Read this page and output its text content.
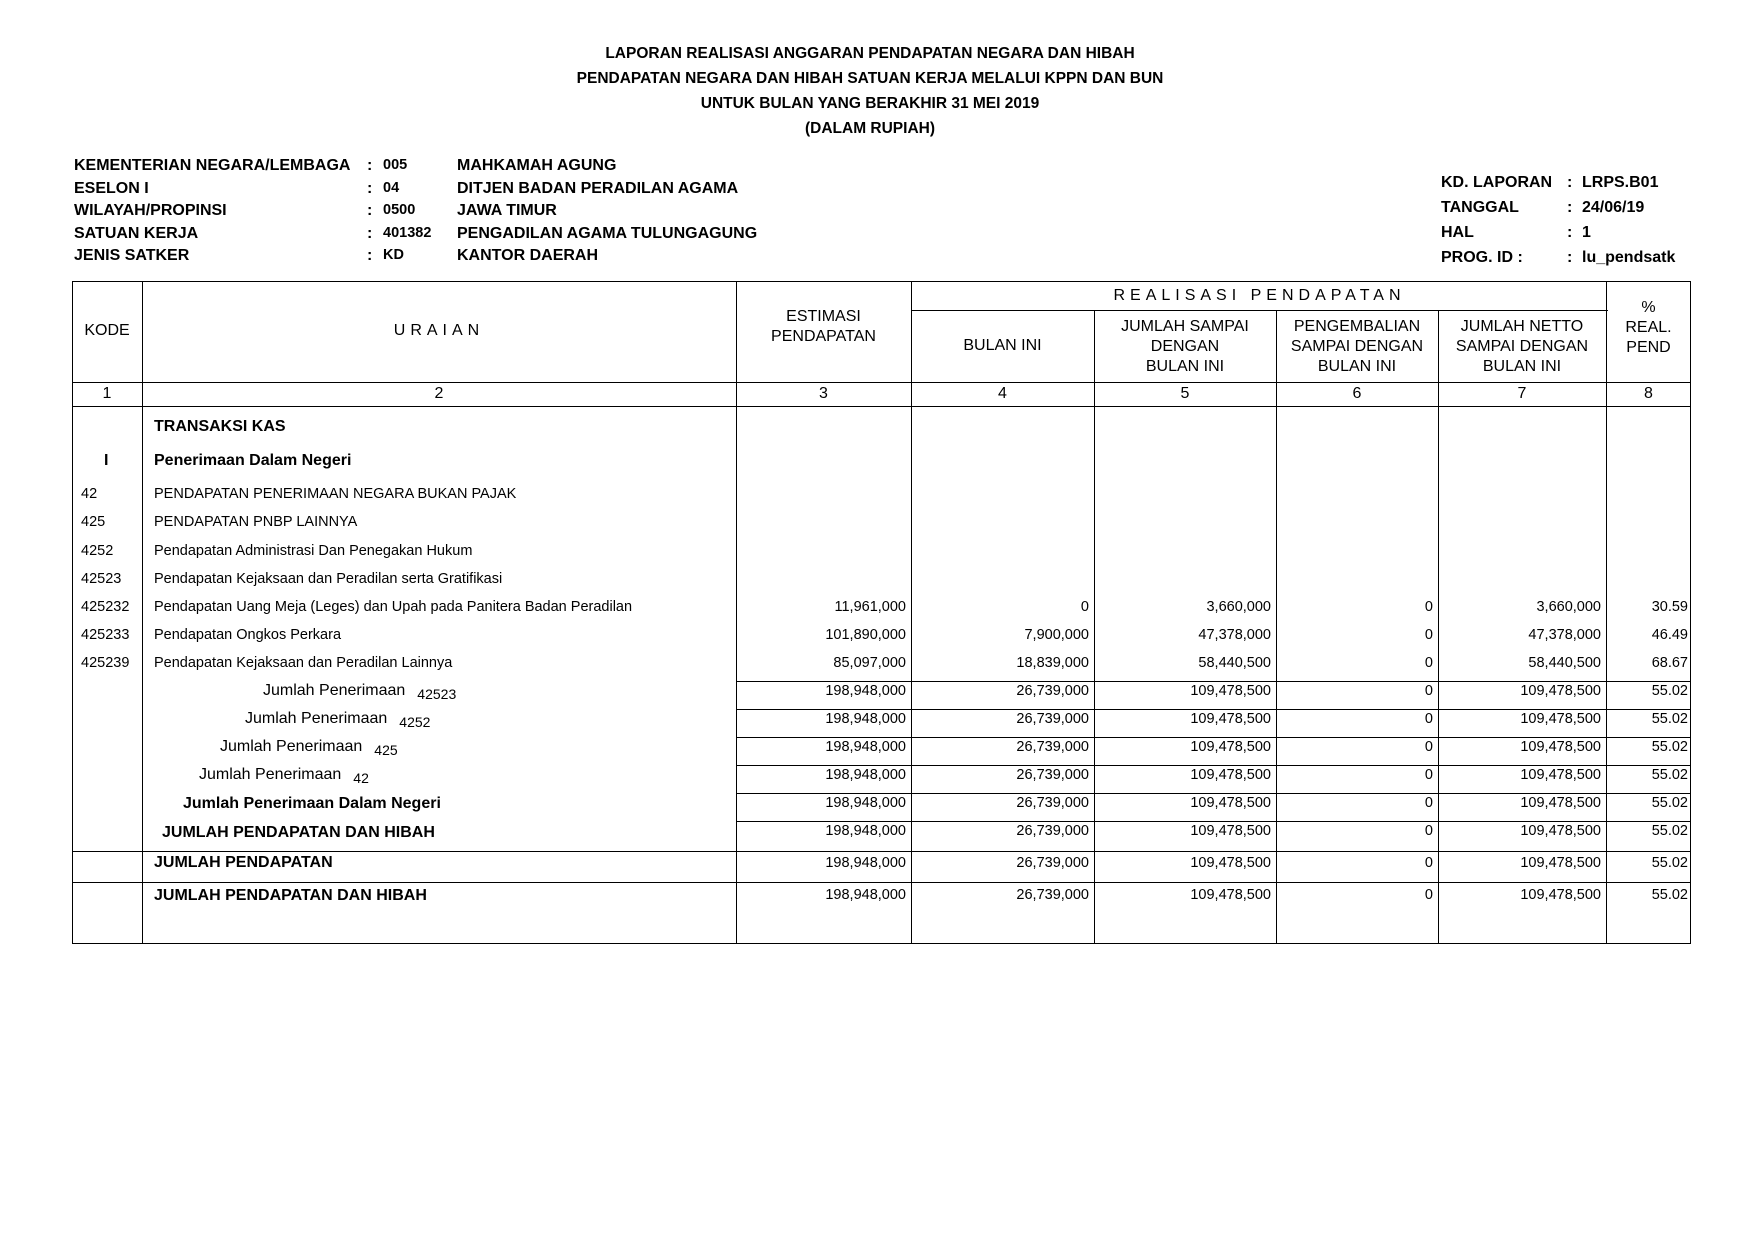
LAPORAN REALISASI ANGGARAN PENDAPATAN NEGARA DAN HIBAH
PENDAPATAN NEGARA DAN HIBAH SATUAN KERJA MELALUI KPPN DAN BUN
UNTUK BULAN YANG BERAKHIR 31 MEI 2019
(DALAM RUPIAH)
KEMENTERIAN NEGARA/LEMBAGA : 005	MAHKAMAH AGUNG
ESELON I	: 04	DITJEN BADAN PERADILAN AGAMA
WILAYAH/PROPINSI	: 0500	JAWA TIMUR
SATUAN KERJA	: 401382 PENGADILAN AGAMA TULUNGAGUNG
JENIS SATKER	: KD	KANTOR DAERAH
KD. LAPORAN : LRPS.B01
TANGGAL	: 24/06/19
HAL	: 1
PROG. ID :	: lu_pendsatk
KODE	URAIAN
ESTIMASI
PENDAPATAN
REALISASI PENDAPATAN
BULAN INI
JUMLAH SAMPAI
DENGAN
BULAN INI
PENGEMBALIAN
SAMPAI DENGAN
BULAN INI
JUMLAH NETTO
SAMPAI DENGAN
BULAN INI
%
REAL.
PEND
1	2	3	4	5	6	7	8
TRANSAKSI KAS
I	Penerimaan Dalam Negeri
42	PENDAPATAN PENERIMAAN NEGARA BUKAN PAJAK
425	PENDAPATAN PNBP LAINNYA
4252	Pendapatan Administrasi Dan Penegakan Hukum
42523 Pendapatan Kejaksaan dan Peradilan serta Gratifikasi
425232 Pendapatan Uang Meja (Leges) dan Upah pada Panitera Badan Peradilan	11,961,000	0	3,660,000	0	3,660,000	30.59
425233 Pendapatan Ongkos Perkara	101,890,000	7,900,000	47,378,000	0	47,378,000	46.49
425239 Pendapatan Kejaksaan dan Peradilan Lainnya	85,097,000	18,839,000	58,440,500	0	58,440,500	68.67
Jumlah Penerimaan 42523	198,948,000	26,739,000	109,478,500	0	109,478,500	55.02
Jumlah Penerimaan 4252	198,948,000	26,739,000	109,478,500	0	109,478,500	55.02
Jumlah Penerimaan 425	198,948,000	26,739,000	109,478,500	0	109,478,500	55.02
Jumlah Penerimaan 42	198,948,000	26,739,000	109,478,500	0	109,478,500	55.02
Jumlah Penerimaan Dalam Negeri	198,948,000	26,739,000	109,478,500	0	109,478,500	55.02
JUMLAH PENDAPATAN DAN HIBAH	198,948,000	26,739,000	109,478,500	0	109,478,500	55.02
JUMLAH PENDAPATAN	198,948,000	26,739,000	109,478,500	0	109,478,500	55.02
JUMLAH PENDAPATAN DAN HIBAH	198,948,000	26,739,000	109,478,500	0	109,478,500	55.02
